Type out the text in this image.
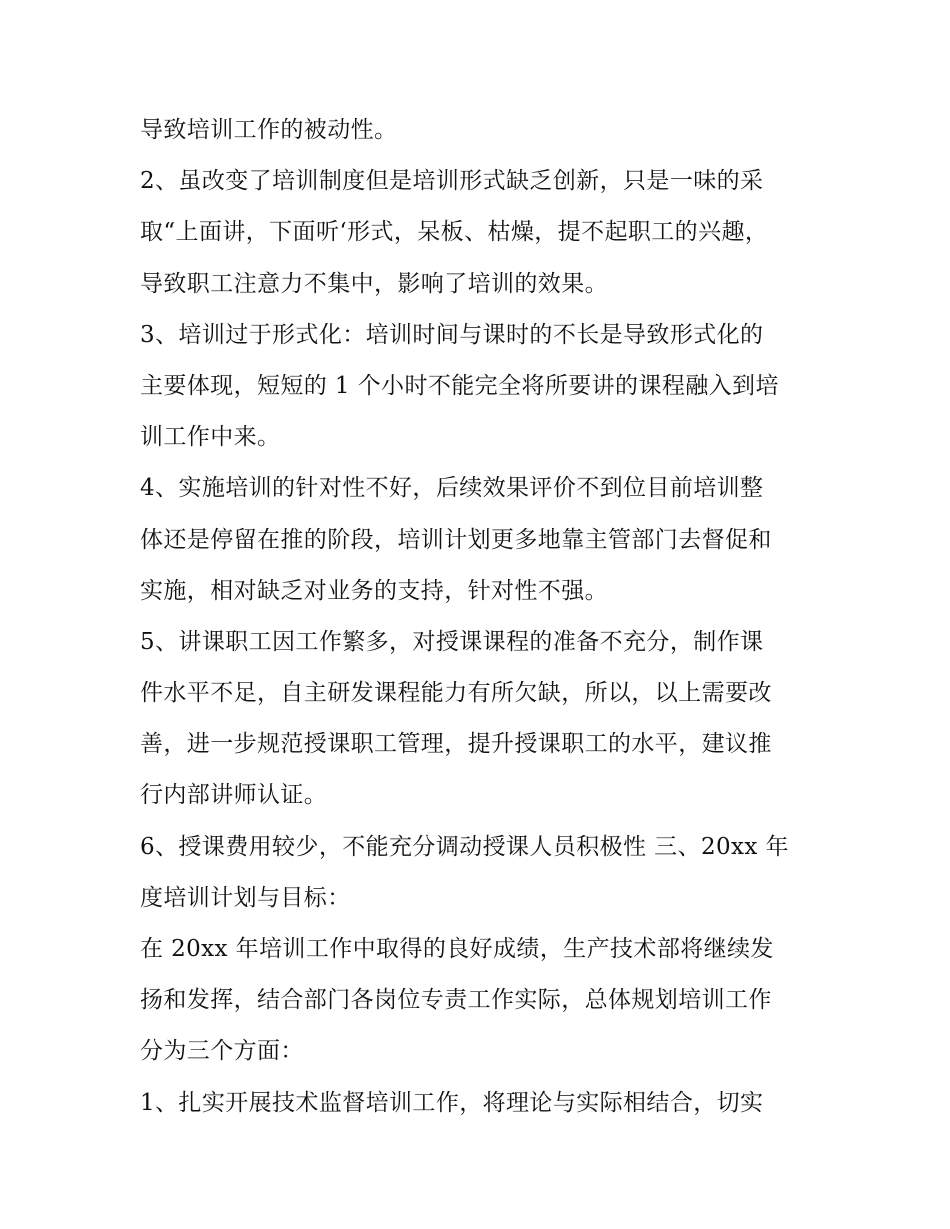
导致培训工作的被动性。
2、虽改变了培训制度但是培训形式缺乏创新，只是一味的采
取“上面讲，下面听‘形式，呆板、枯燥，提不起职工的兴趣，
导致职工注意力不集中，影响了培训的效果。
3、培训过于形式化：培训时间与课时的不长是导致形式化的
主要体现，短短的 1 个小时不能完全将所要讲的课程融入到培
训工作中来。
4、实施培训的针对性不好，后续效果评价不到位目前培训整
体还是停留在推的阶段，培训计划更多地靠主管部门去督促和
实施，相对缺乏对业务的支持，针对性不强。
5、讲课职工因工作繁多，对授课课程的准备不充分，制作课
件水平不足，自主研发课程能力有所欠缺，所以，以上需要改
善，进一步规范授课职工管理，提升授课职工的水平，建议推
行内部讲师认证。
6、授课费用较少，不能充分调动授课人员积极性 三、20xx 年
度培训计划与目标：
在 20xx 年培训工作中取得的良好成绩，生产技术部将继续发
扬和发挥，结合部门各岗位专责工作实际，总体规划培训工作
分为三个方面：
1、扎实开展技术监督培训工作，将理论与实际相结合，切实
